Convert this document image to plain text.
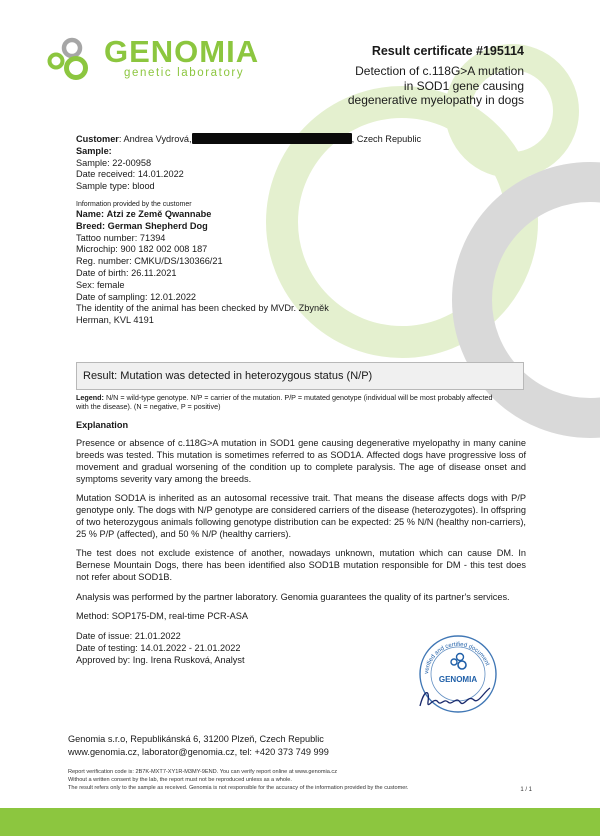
GENOMIA
genetic laboratory
Result certificate #195114
Detection of c.118G>A mutation
in SOD1 gene causing
degenerative myelopathy in dogs
Customer: Andrea Vydrová,	, Czech Republic
Sample:
Sample: 22-00958
Date received: 14.01.2022
Sample type: blood
Information provided by the customer
Name: Atzi ze Země Qwannabe
Breed: German Shepherd Dog
Tattoo number: 71394
Microchip: 900 182 002 008 187
Reg. number: CMKU/DS/130366/21
Date of birth: 26.11.2021
Sex: female
Date of sampling: 12.01.2022
The identity of the animal has been checked by MVDr. Zbyněk
Herman, KVL 4191
Result: Mutation was detected in heterozygous status (N/P)
Legend: N/N = wild-type genotype. N/P = carrier of the mutation. P/P = mutated genotype (individual will be most probably affected
with the disease). (N = negative, P = positive)
Explanation
Presence or absence of c.118G>A mutation in SOD1 gene causing degenerative myelopathy in many canine breeds was tested. This mutation is sometimes referred to as SOD1A. Affected dogs have progressive loss of movement and gradual worsening of the condition up to complete paralysis. The age of disease onset and symptoms severity vary among the breeds.
Mutation SOD1A is inherited as an autosomal recessive trait. That means the disease affects dogs with P/P genotype only. The dogs with N/P genotype are considered carriers of the disease (heterozygotes). In offspring of two heterozygous animals following genotype distribution can be expected: 25 % N/N (healthy non-carriers), 25 % P/P (affected), and 50 % N/P (healthy carriers).
The test does not exclude existence of another, nowadays unknown, mutation which can cause DM. In Bernese Mountain Dogs, there has been identified also SOD1B mutation responsible for DM - this test does not refer about SOD1B.
Analysis was performed by the partner laboratory. Genomia guarantees the quality of its partner's services.
Method: SOP175-DM, real-time PCR-ASA
Date of issue: 21.01.2022
Date of testing: 14.01.2022 - 21.01.2022
Approved by: Ing. Irena Rusková, Analyst
verified and certified document
GENOMIA
Genomia s.r.o, Republikánská 6, 31200 Plzeň, Czech Republic
www.genomia.cz, laborator@genomia.cz, tel: +420 373 749 999
Report verification code is: 2B7K-MXT7-XY1R-M3MY-9END. You can verify report online at www.genomia.cz
Without a written consent by the lab, the report must not be reproduced unless as a whole.
The result refers only to the sample as received. Genomia is not responsible for the accuracy of the information provided by the customer.	1 / 1
